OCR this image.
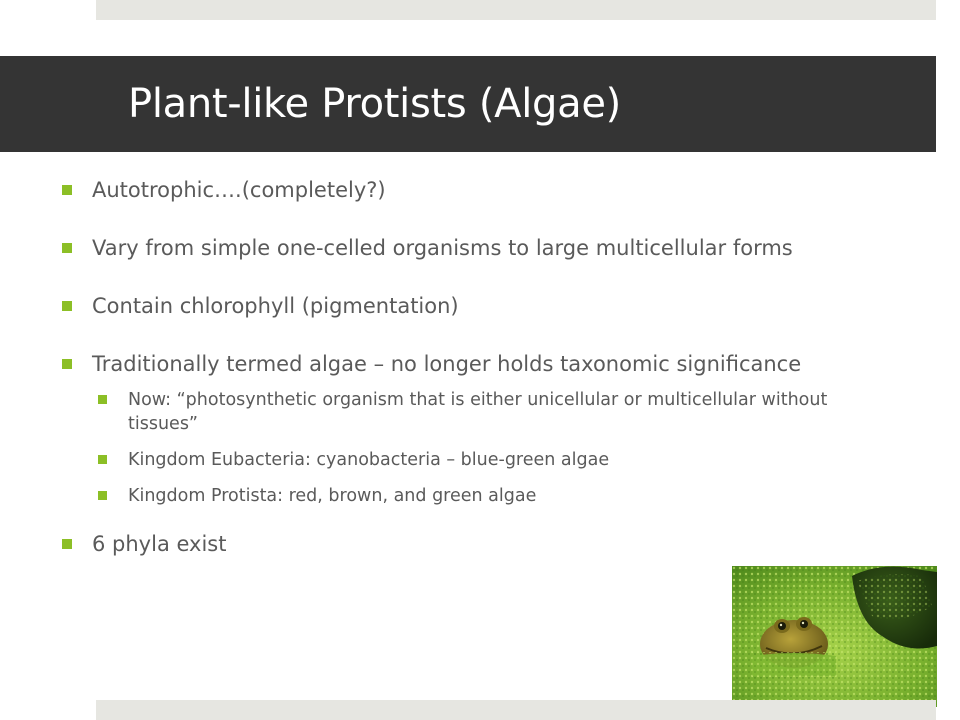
Plant-like Protists (Algae)
Autotrophic….(completely?)
Vary from simple one-celled organisms to large multicellular forms
Contain chlorophyll (pigmentation)
Traditionally termed algae – no longer holds taxonomic significance
Now: “photosynthetic organism that is either unicellular or multicellular without tissues”
Kingdom Eubacteria: cyanobacteria – blue-green algae
Kingdom Protista: red, brown, and green algae
6 phyla exist
